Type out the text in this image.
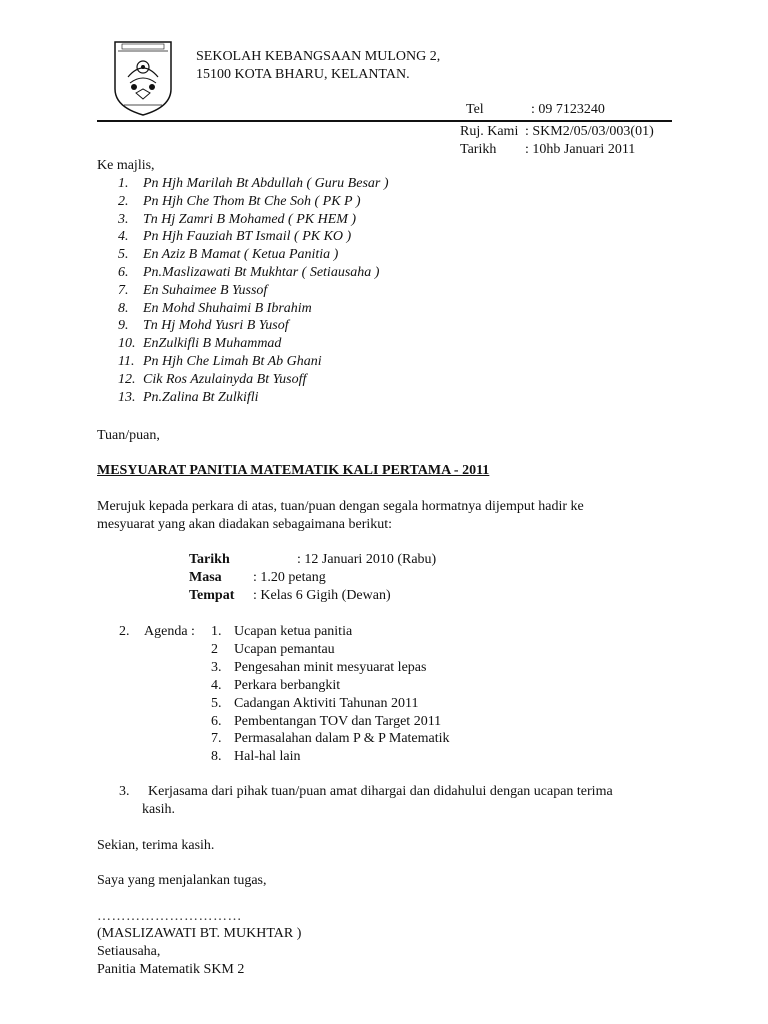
SEKOLAH KEBANGSAAN MULONG 2,
15100 KOTA BHARU, KELANTAN.
Tel	: 09 7123240
Ruj. Kami : SKM2/05/03/003(01)
Tarikh : 10hb Januari 2011
Ke majlis,
1. Pn Hjh Marilah Bt Abdullah ( Guru Besar )
2. Pn Hjh Che Thom Bt Che Soh ( PK P )
3. Tn Hj Zamri B Mohamed ( PK HEM )
4. Pn Hjh Fauziah BT Ismail ( PK KO )
5. En Aziz B Mamat ( Ketua Panitia )
6. Pn.Maslizawati Bt Mukhtar ( Setiausaha )
7. En Suhaimee B Yussof
8. En Mohd Shuhaimi B Ibrahim
9. Tn Hj Mohd Yusri B Yusof
10. EnZulkifli B Muhammad
11. Pn Hjh Che Limah Bt Ab Ghani
12. Cik Ros Azulainyda Bt Yusoff
13. Pn.Zalina Bt Zulkifli
Tuan/puan,
MESYUARAT PANITIA MATEMATIK KALI PERTAMA - 2011
Merujuk kepada perkara di atas, tuan/puan dengan segala hormatnya dijemput hadir ke
mesyuarat yang akan diadakan sebagaimana berikut:
Tarikh	: 12 Januari 2010 (Rabu)
Masa : 1.20 petang
Tempat : Kelas 6 Gigih (Dewan)
2. Agenda : 1. Ucapan ketua panitia
2 Ucapan pemantau
3. Pengesahan minit mesyuarat lepas
4. Perkara berbangkit
5. Cadangan Aktiviti Tahunan 2011
6. Pembentangan TOV dan Target 2011
7. Permasalahan dalam P & P Matematik
8. Hal-hal lain
3. Kerjasama dari pihak tuan/puan amat dihargai dan didahului dengan ucapan terima
kasih.
Sekian, terima kasih.
Saya yang menjalankan tugas,
…………………………
(MASLIZAWATI BT. MUKHTAR )
Setiausaha,
Panitia Matematik SKM 2
